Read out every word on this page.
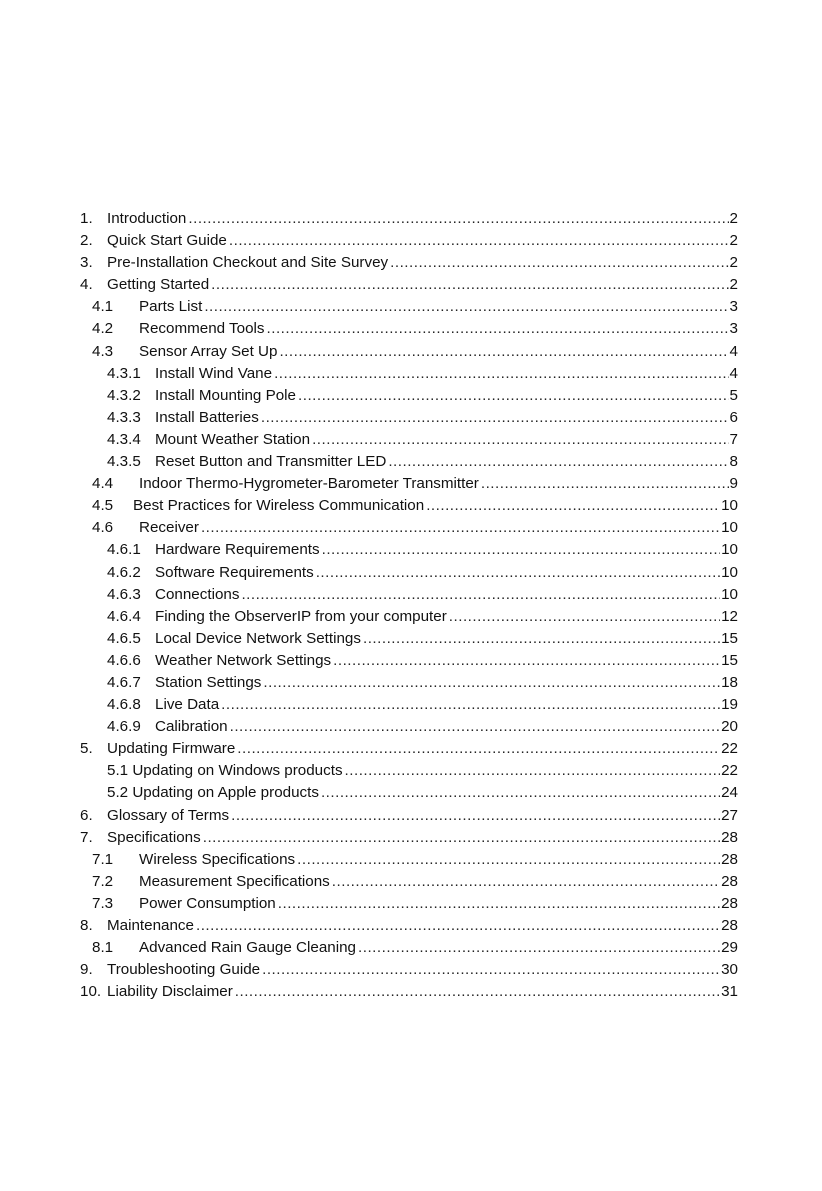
1. Introduction .....	2
2. Quick Start Guide .....	2
3. Pre-Installation Checkout and Site Survey .....	2
4. Getting Started .....	2
4.1	Parts List .....	3
4.2	Recommend Tools .....	3
4.3	Sensor Array Set Up .....	4
4.3.1 Install Wind Vane .....	4
4.3.2 Install Mounting Pole .....	5
4.3.3 Install Batteries .....	6
4.3.4 Mount Weather Station .....	7
4.3.5 Reset Button and Transmitter LED .....	8
4.4	Indoor Thermo-Hygrometer-Barometer Transmitter .....	9
4.5	Best Practices for Wireless Communication .....	10
4.6	Receiver .....	10
4.6.1 Hardware Requirements .....	10
4.6.2 Software Requirements .....	10
4.6.3 Connections .....	10
4.6.4 Finding the ObserverIP from your computer .....	12
4.6.5 Local Device Network Settings .....	15
4.6.6 Weather Network Settings .....	15
4.6.7 Station Settings .....	18
4.6.8 Live Data .....	19
4.6.9 Calibration .....	20
5. Updating Firmware .....	22
5.1 Updating on Windows products .....	22
5.2 Updating on Apple products .....	24
6. Glossary of Terms .....	27
7. Specifications .....	28
7.1	Wireless Specifications .....	28
7.2	Measurement Specifications .....	28
7.3	Power Consumption .....	28
8. Maintenance .....	28
8.1	Advanced Rain Gauge Cleaning .....	29
9. Troubleshooting Guide .....	30
10. Liability Disclaimer .....	31
